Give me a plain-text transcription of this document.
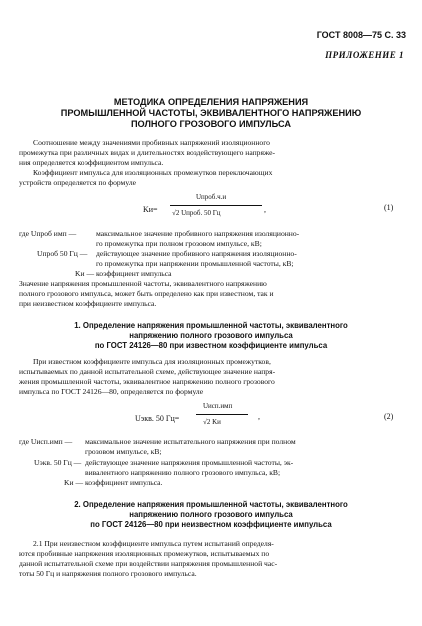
ГОСТ 8008—75 С. 33
ПРИЛОЖЕНИЕ 1
МЕТОДИКА ОПРЕДЕЛЕНИЯ НАПРЯЖЕНИЯ
ПРОМЫШЛЕННОЙ ЧАСТОТЫ, ЭКВИВАЛЕНТНОГО НАПРЯЖЕНИЮ
ПОЛНОГО ГРОЗОВОГО ИМПУЛЬСА
Соотношение между значениями пробивных напряжений изоляционного
промежутка при различных видах и длительностях воздействующего напряже-
ния определяется коэффициентом импульса.
Коэффициент импульса для изоляционных промежутков переключающих
устройств определяется по формуле
Kи=
Uпроб.ч.и
√2 Uпроб. 50 Гц	,	(1)
где Uпроб имп —	максимальное значение пробивного напряжения изоляционно-
го промежутка при полном грозовом импульсе, кВ;
Uпроб 50 Гц — действующее значение пробивного напряжения изоляционно-
го промежутка при напряжении промышленной частоты, кВ;
Kи — коэффициент импульса
Значение напряжения промышленной частоты, эквивалентного напряжению
полного грозового импульса, может быть определено как при известном, так и
при неизвестном коэффициенте импульса.
1. Определение напряжения промышленной частоты, эквивалентного
напряжению полного грозового импульса
по ГОСТ 24126—80 при известном коэффициенте импульса
При известном коэффициенте импульса для изоляционных промежутков,
испытываемых по данной испытательной схеме, действующее значение напря-
жения промышленной частоты, эквивалентное напряжению полного грозового
импульса по ГОСТ 24126—80, определяется по формуле
Uэкв. 50 Гц=
Uисп.имп
√2 Kи
,	(2)
где Uисп.имп — максимальное значение испытательного напряжения при полном
грозовом импульсе, кВ;
Uэкв. 50 Гц — действующее значение напряжения промышленной частоты, эк-
вивалентного напряжению полного грозового импульса, кВ;
Kи — коэффициент импульса.
2. Определение напряжения промышленной частоты, эквивалентного
напряжению полного грозового импульса
по ГОСТ 24126—80 при неизвестном коэффициенте импульса
2.1 При неизвестном коэффициенте импульса путем испытаний определя-
ются пробивные напряжения изоляционных промежутков, испытываемых по
данной испытательной схеме при воздействии напряжения промышленной час-
тоты 50 Гц и напряжения полного грозового импульса.
